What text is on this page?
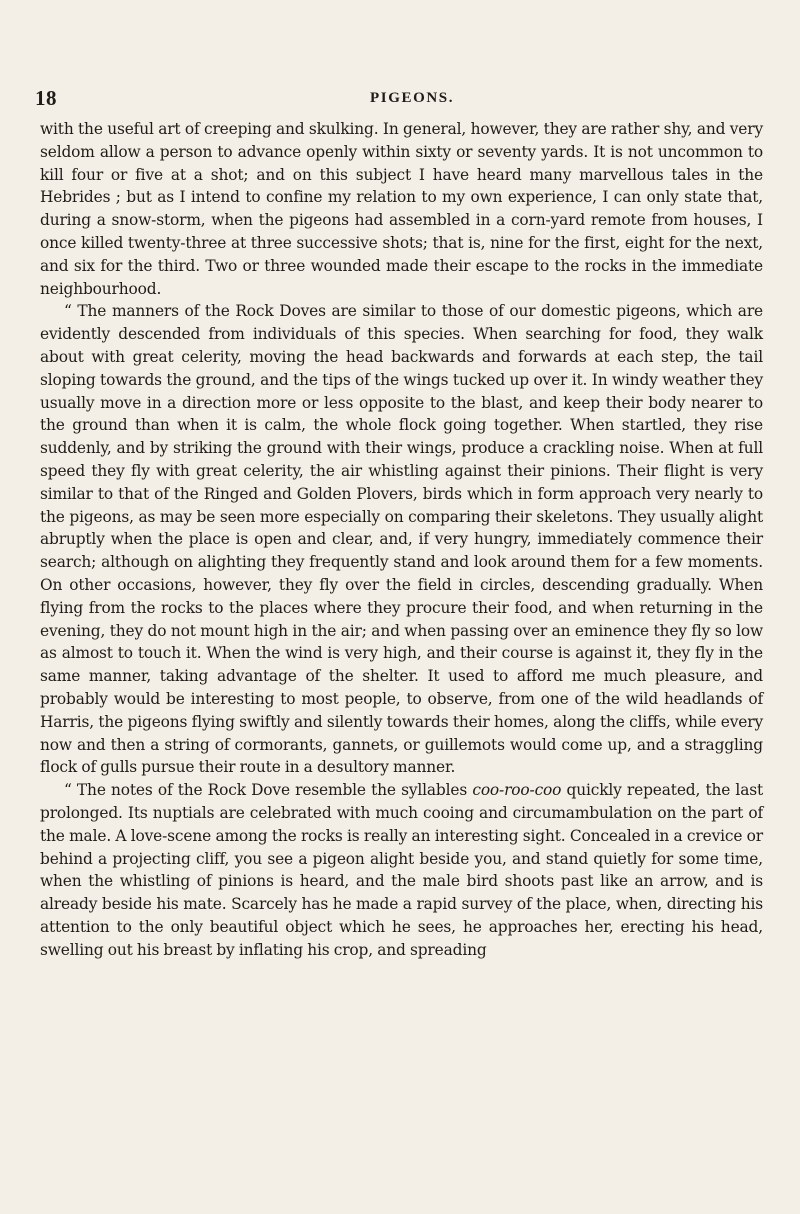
18	PIGEONS.

with the useful art of creeping and skulking. In general, however, they are rather shy, and very seldom allow a person to advance openly within sixty or seventy yards. It is not uncommon to kill four or five at a shot; and on this subject I have heard many marvellous tales in the Hebrides ; but as I intend to confine my relation to my own experience, I can only state that, during a snow-storm, when the pigeons had assembled in a corn-yard remote from houses, I once killed twenty-three at three successive shots; that is, nine for the first, eight for the next, and six for the third. Two or three wounded made their escape to the rocks in the immediate neighbourhood.

“ The manners of the Rock Doves are similar to those of our domestic pigeons, which are evidently descended from individuals of this species. When searching for food, they walk about with great celerity, moving the head backwards and forwards at each step, the tail sloping towards the ground, and the tips of the wings tucked up over it. In windy weather they usually move in a direction more or less opposite to the blast, and keep their body nearer to the ground than when it is calm, the whole flock going together. When startled, they rise suddenly, and by striking the ground with their wings, produce a crackling noise. When at full speed they fly with great celerity, the air whistling against their pinions. Their flight is very similar to that of the Ringed and Golden Plovers, birds which in form approach very nearly to the pigeons, as may be seen more especially on comparing their skeletons. They usually alight abruptly when the place is open and clear, and, if very hungry, immediately commence their search; although on alighting they frequently stand and look around them for a few moments. On other occasions, however, they fly over the field in circles, descending gradually. When flying from the rocks to the places where they procure their food, and when returning in the evening, they do not mount high in the air; and when passing over an eminence they fly so low as almost to touch it. When the wind is very high, and their course is against it, they fly in the same manner, taking advantage of the shelter. It used to afford me much pleasure, and probably would be interesting to most people, to observe, from one of the wild headlands of Harris, the pigeons flying swiftly and silently towards their homes, along the cliffs, while every now and then a string of cormorants, gannets, or guillemots would come up, and a straggling flock of gulls pursue their route in a desultory manner.

“ The notes of the Rock Dove resemble the syllables coo-roo-coo quickly repeated, the last prolonged. Its nuptials are celebrated with much cooing and circumambulation on the part of the male. A love-scene among the rocks is really an interesting sight. Concealed in a crevice or behind a projecting cliff, you see a pigeon alight beside you, and stand quietly for some time, when the whistling of pinions is heard, and the male bird shoots past like an arrow, and is already beside his mate. Scarcely has he made a rapid survey of the place, when, directing his attention to the only beautiful object which he sees, he approaches her, erecting his head, swelling out his breast by inflating his crop, and spreading
